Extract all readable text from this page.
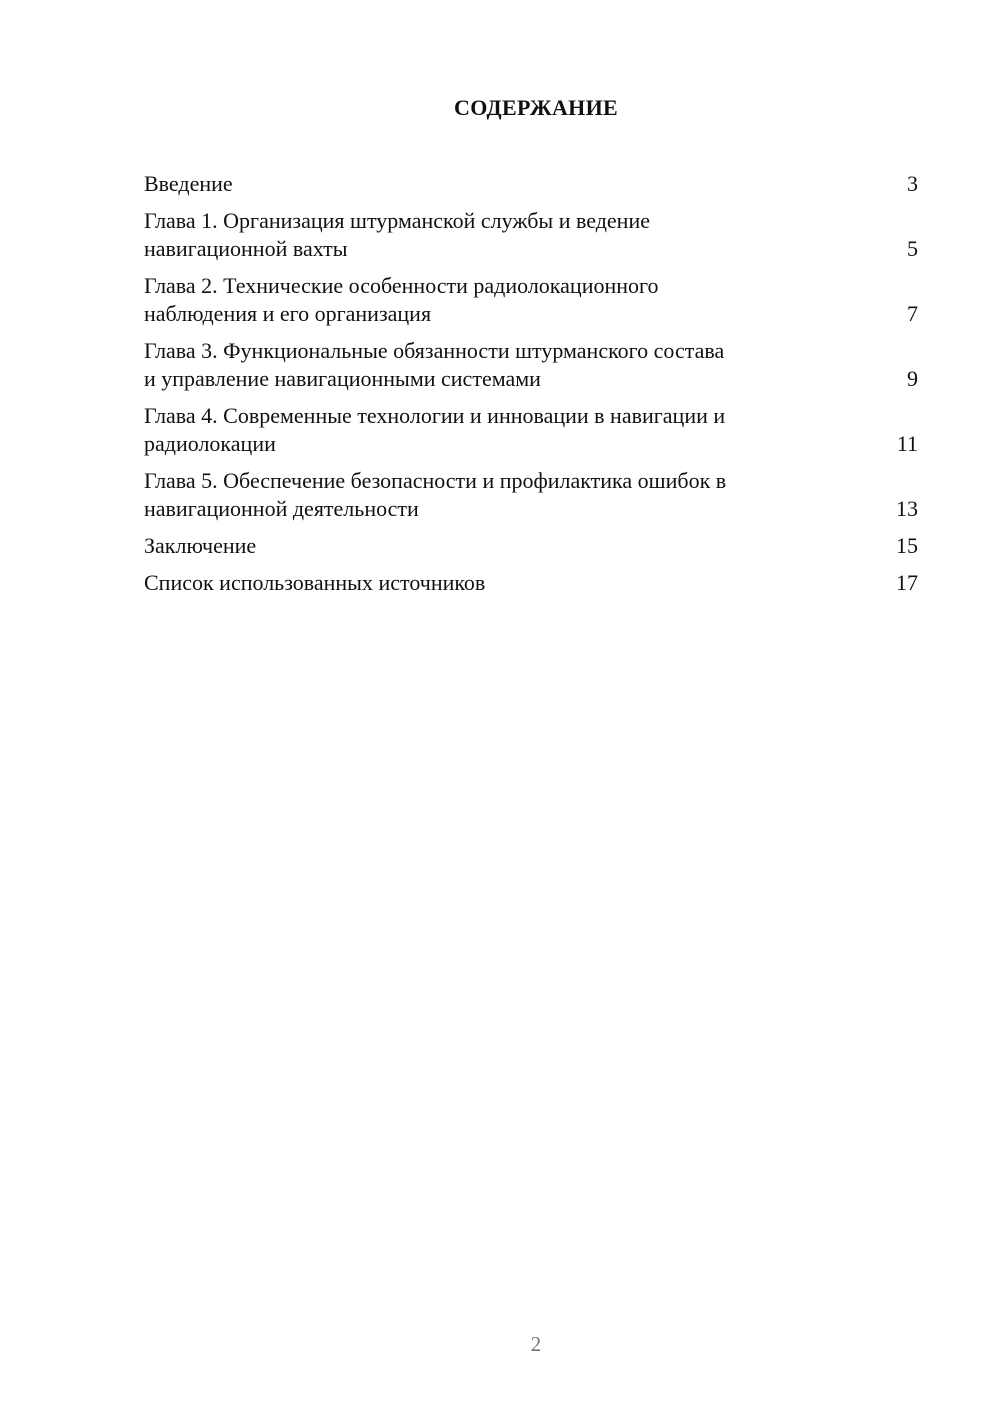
СОДЕРЖАНИЕ
Введение	3
Глава 1. Организация штурманской службы и ведение
навигационной вахты	5
Глава 2. Технические особенности радиолокационного
наблюдения и его организация	7
Глава 3. Функциональные обязанности штурманского состава
и управление навигационными системами	9
Глава 4. Современные технологии и инновации в навигации и
радиолокации	11
Глава 5. Обеспечение безопасности и профилактика ошибок в
навигационной деятельности	13
Заключение	15
Список использованных источников	17
2
